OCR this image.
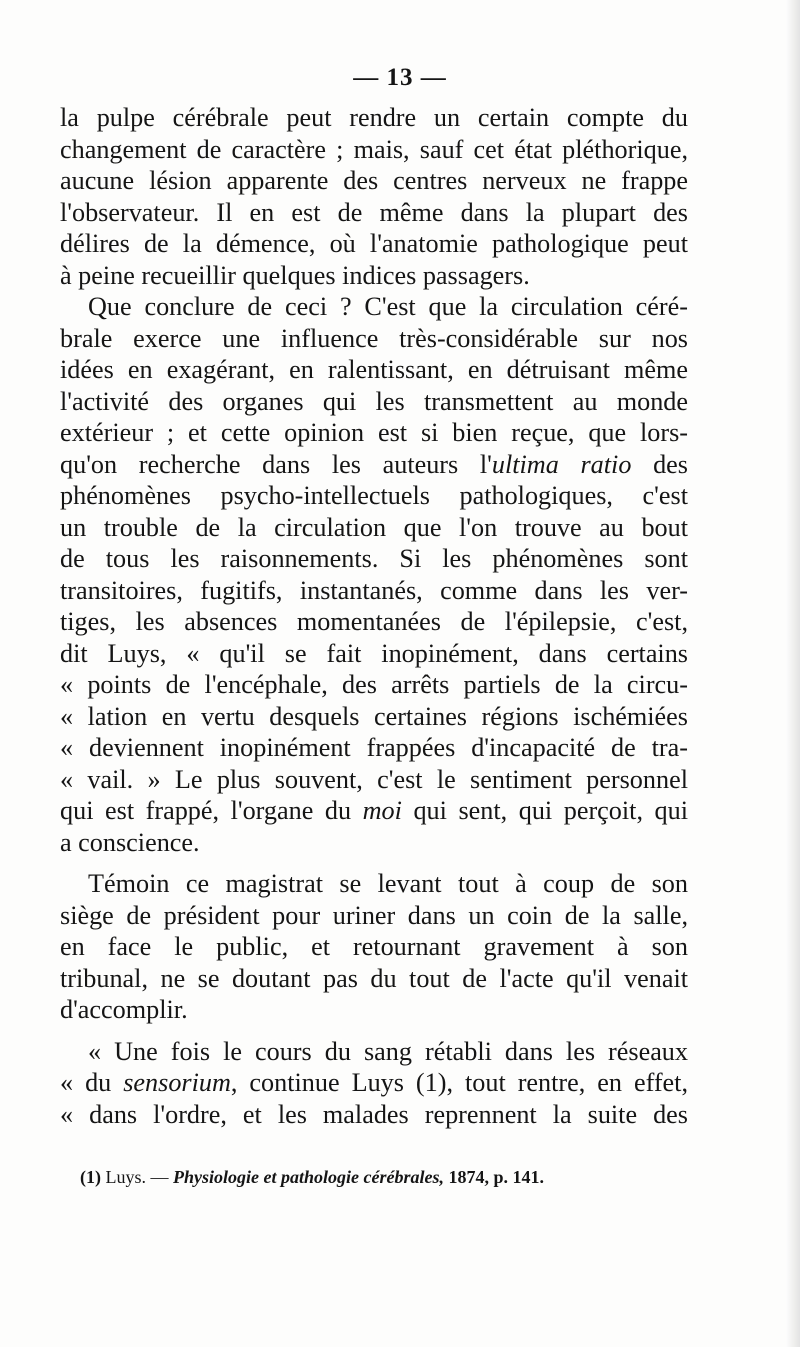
— 13 —
la pulpe cérébrale peut rendre un certain compte du
changement de caractère ; mais, sauf cet état pléthorique,
aucune lésion apparente des centres nerveux ne frappe
l'observateur. Il en est de même dans la plupart des
délires de la démence, où l'anatomie pathologique peut
à peine recueillir quelques indices passagers.
Que conclure de ceci ? C'est que la circulation céré-
brale exerce une influence très-considérable sur nos
idées en exagérant, en ralentissant, en détruisant même
l'activité des organes qui les transmettent au monde
extérieur ; et cette opinion est si bien reçue, que lors-
qu'on recherche dans les auteurs l'ultima ratio des
phénomènes psycho-intellectuels pathologiques, c'est
un trouble de la circulation que l'on trouve au bout
de tous les raisonnements. Si les phénomènes sont
transitoires, fugitifs, instantanés, comme dans les ver-
tiges, les absences momentanées de l'épilepsie, c'est,
dit Luys, « qu'il se fait inopinément, dans certains
« points de l'encéphale, des arrêts partiels de la circu-
« lation en vertu desquels certaines régions ischémiées
« deviennent inopinément frappées d'incapacité de tra-
« vail. » Le plus souvent, c'est le sentiment personnel
qui est frappé, l'organe du moi qui sent, qui perçoit, qui
a conscience.
Témoin ce magistrat se levant tout à coup de son
siège de président pour uriner dans un coin de la salle,
en face le public, et retournant gravement à son
tribunal, ne se doutant pas du tout de l'acte qu'il venait
d'accomplir.
« Une fois le cours du sang rétabli dans les réseaux
« du sensorium, continue Luys (1), tout rentre, en effet,
« dans l'ordre, et les malades reprennent la suite des
(1) Luys. — Physiologie et pathologie cérébrales, 1874, p. 141.
